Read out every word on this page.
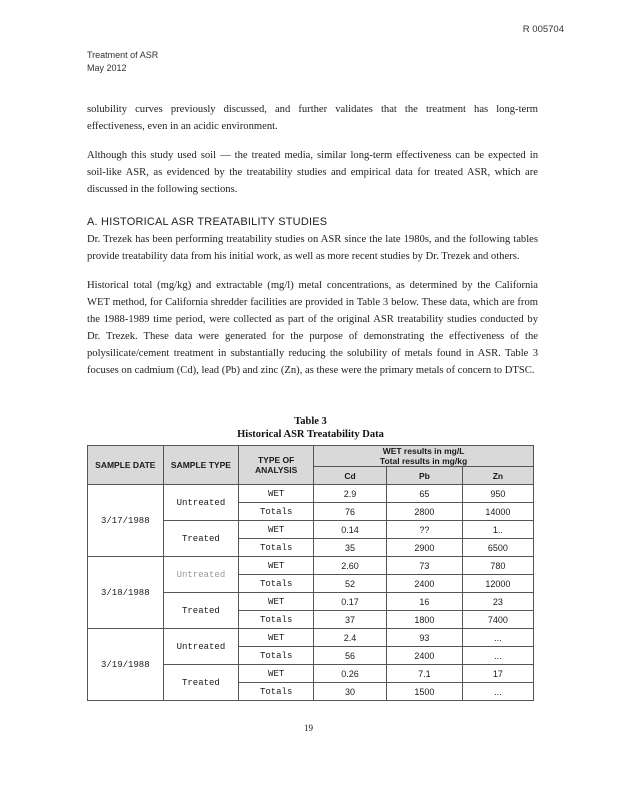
R 005704
Treatment of ASR
May 2012

solubility curves previously discussed, and further validates that the treatment has long-term effectiveness, even in an acidic environment.

Although this study used soil — the treated media, similar long-term effectiveness can be expected in soil-like ASR, as evidenced by the treatability studies and empirical data for treated ASR, which are discussed in the following sections.

A. HISTORICAL ASR TREATABILITY STUDIES

Dr. Trezek has been performing treatability studies on ASR since the late 1980s, and the following tables provide treatability data from his initial work, as well as more recent studies by Dr. Trezek and others.

Historical total (mg/kg) and extractable (mg/l) metal concentrations, as determined by the California WET method, for California shredder facilities are provided in Table 3 below. These data, which are from the 1988-1989 time period, were collected as part of the original ASR treatability studies conducted by Dr. Trezek. These data were generated for the purpose of demonstrating the effectiveness of the polysilicate/cement treatment in substantially reducing the solubility of metals found in ASR. Table 3 focuses on cadmium (Cd), lead (Pb) and zinc (Zn), as these were the primary metals of concern to DTSC.

Table 3
Historical ASR Treatability Data
SAMPLE DATE	SAMPLE TYPE	TYPE OF ANALYSIS	WET results in mg/L
Total results in mg/kg		

			Cd	Pb	Zn
3/17/1988	Untreated	WET	2.9	65	950
		Totals	76	2800	14000
	Treated	WET	0.14	??	1..
		Totals	35	2900	6500
3/18/1988	Untreated	WET	2.60	73	780
		Totals	52	2400	12000
	Treated	WET	0.17	16	23
		Totals	37	1800	7400
3/19/1988	Untreated	WET	2.4	93	...
		Totals	56	2400	...
	Treated	WET	0.26	7.1	17
		Totals	30	1500	...
19
